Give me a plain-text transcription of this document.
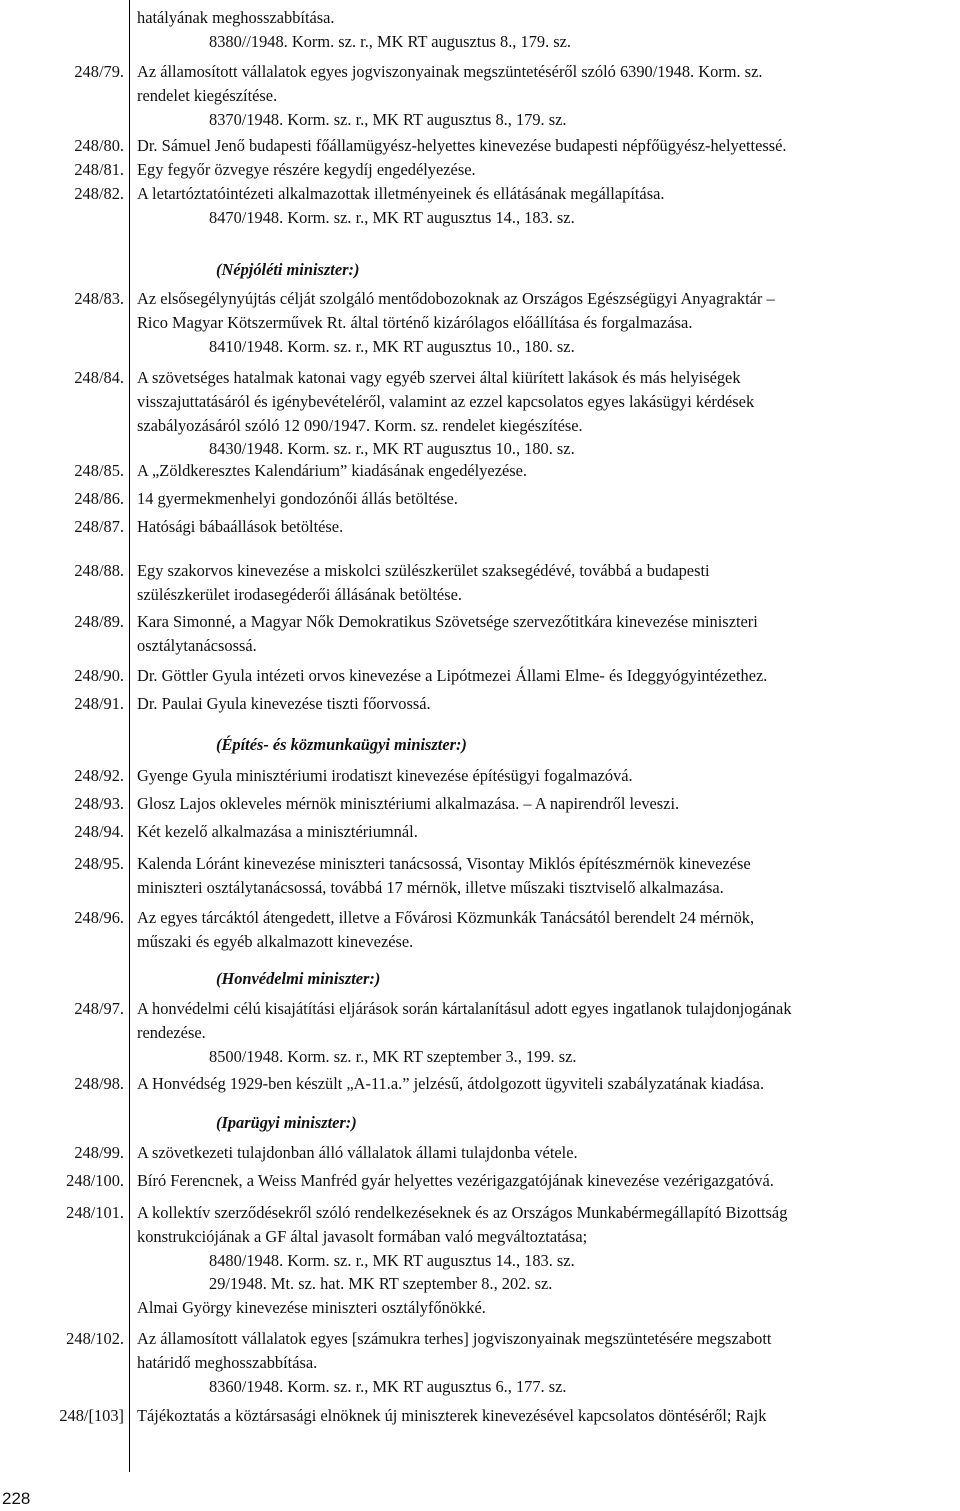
hatályának meghosszabbítása.
8380//1948. Korm. sz. r., MK RT augusztus 8., 179. sz.
(Népjóléti miniszter:)
(Építés- és közmunkaügyi miniszter:)
(Honvédelmi miniszter:)
(Iparügyi miniszter:)
248/79. Az államosított vállalatok egyes jogviszonyainak megszüntetéséről szóló 6390/1948. Korm. sz.
rendelet kiegészítése.
8370/1948. Korm. sz. r., MK RT augusztus 8., 179. sz.
248/80. Dr. Sámuel Jenő budapesti főállamügyész-helyettes kinevezése budapesti népfőügyész-helyettessé.
248/81. Egy fegyőr özvegye részére kegydíj engedélyezése.
248/82. A letartóztatóintézeti alkalmazottak illetményeinek és ellátásának megállapítása.
8470/1948. Korm. sz. r., MK RT augusztus 14., 183. sz.
248/83. Az elsősegélynyújtás célját szolgáló mentődobozoknak az Országos Egészségügyi Anyagraktár –
Rico Magyar Kötszerművek Rt. által történő kizárólagos előállítása és forgalmazása.
8410/1948. Korm. sz. r., MK RT augusztus 10., 180. sz.
248/84. A szövetséges hatalmak katonai vagy egyéb szervei által kiürített lakások és más helyiségek
visszajuttatásáról és igénybevételéről, valamint az ezzel kapcsolatos egyes lakásügyi kérdések
szabályozásáról szóló 12 090/1947. Korm. sz. rendelet kiegészítése.
8430/1948. Korm. sz. r., MK RT augusztus 10., 180. sz.
248/85. A „Zöldkeresztes Kalendárium” kiadásának engedélyezése.
248/86. 14 gyermekmenhelyi gondozónői állás betöltése.
248/87. Hatósági bábaállások betöltése.
248/88. Egy szakorvos kinevezése a miskolci szülészkerület szaksegédévé, továbbá a budapesti
szülészkerület irodasegéderői állásának betöltése.
248/89. Kara Simonné, a Magyar Nők Demokratikus Szövetsége szervezőtitkára kinevezése miniszteri
osztálytanácsossá.
248/90. Dr. Göttler Gyula intézeti orvos kinevezése a Lipótmezei Állami Elme- és Ideggyógyintézethez.
248/91. Dr. Paulai Gyula kinevezése tiszti főorvossá.
248/92. Gyenge Gyula minisztériumi irodatiszt kinevezése építésügyi fogalmazóvá.
248/93. Glosz Lajos okleveles mérnök minisztériumi alkalmazása. – A napirendről leveszi.
248/94. Két kezelő alkalmazása a minisztériumnál.
248/95. Kalenda Lóránt kinevezése miniszteri tanácsossá, Visontay Miklós építészmérnök kinevezése
miniszteri osztálytanácsossá, továbbá 17 mérnök, illetve műszaki tisztviselő alkalmazása.
248/96. Az egyes tárcáktól átengedett, illetve a Fővárosi Közmunkák Tanácsától berendelt 24 mérnök,
műszaki és egyéb alkalmazott kinevezése.
248/97. A honvédelmi célú kisajátítási eljárások során kártalanításul adott egyes ingatlanok tulajdonjogának
rendezése.
8500/1948. Korm. sz. r., MK RT szeptember 3., 199. sz.
248/98. A Honvédség 1929-ben készült „A-11.a.” jelzésű, átdolgozott ügyviteli szabályzatának kiadása.
248/99. A szövetkezeti tulajdonban álló vállalatok állami tulajdonba vétele.
248/100. Bíró Ferencnek, a Weiss Manfréd gyár helyettes vezérigazgatójának kinevezése vezérigazgatóvá.
248/101. A kollektív szerződésekről szóló rendelkezéseknek és az Országos Munkabérmegállapító Bizottság
konstrukciójának a GF által javasolt formában való megváltoztatása;
8480/1948. Korm. sz. r., MK RT augusztus 14., 183. sz.
29/1948. Mt. sz. hat. MK RT szeptember 8., 202. sz.
Almai György kinevezése miniszteri osztályfőnökké.
248/102. Az államosított vállalatok egyes [számukra terhes] jogviszonyainak megszüntetésére megszabott
határidő meghosszabbítása.
8360/1948. Korm. sz. r., MK RT augusztus 6., 177. sz.
248/[103] Tájékoztatás a köztársasági elnöknek új miniszterek kinevezésével kapcsolatos döntéséről; Rajk
228
